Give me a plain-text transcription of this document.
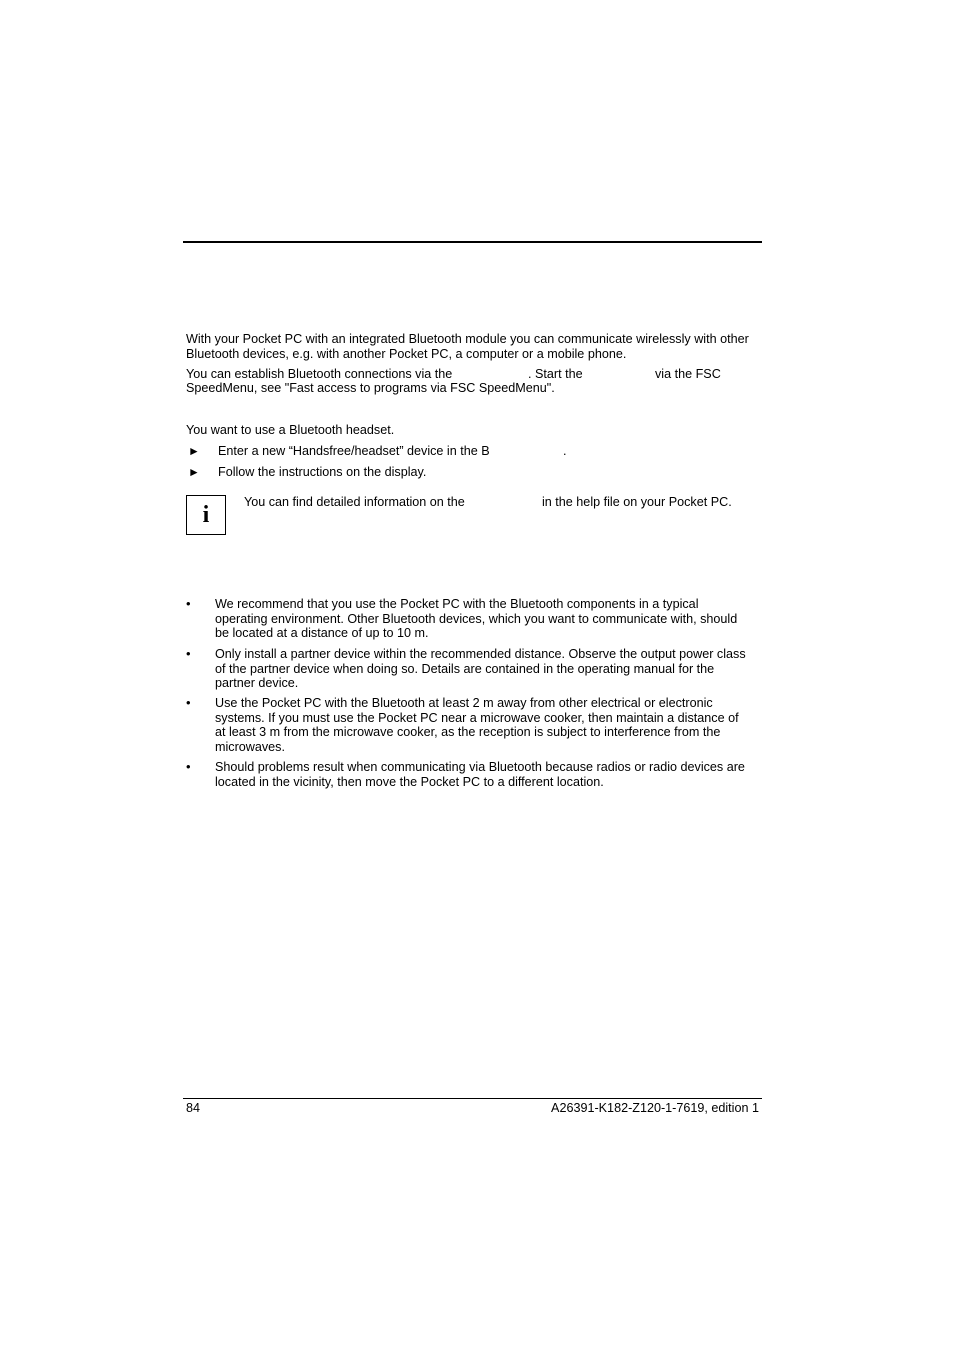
With your Pocket PC with an integrated Bluetooth module you can communicate wirelessly with other
Bluetooth devices, e.g. with another Pocket PC, a computer or a mobile phone.
You can establish Bluetooth connections via the	. Start the	via the FSC
SpeedMenu, see "Fast access to programs via FSC SpeedMenu".
You want to use a Bluetooth headset.
► Enter a new “Handsfree/headset” device in the B	.
► Follow the instructions on the display.
i	You can find detailed information on the	in the help file on your Pocket PC.
• We recommend that you use the Pocket PC with the Bluetooth components in a typical
operating environment. Other Bluetooth devices, which you want to communicate with, should
be located at a distance of up to 10 m.
• Only install a partner device within the recommended distance. Observe the output power class
of the partner device when doing so. Details are contained in the operating manual for the
partner device.
• Use the Pocket PC with the Bluetooth at least 2 m away from other electrical or electronic
systems. If you must use the Pocket PC near a microwave cooker, then maintain a distance of
at least 3 m from the microwave cooker, as the reception is subject to interference from the
microwaves.
• Should problems result when communicating via Bluetooth because radios or radio devices are
located in the vicinity, then move the Pocket PC to a different location.
84	A26391-K182-Z120-1-7619, edition 1
